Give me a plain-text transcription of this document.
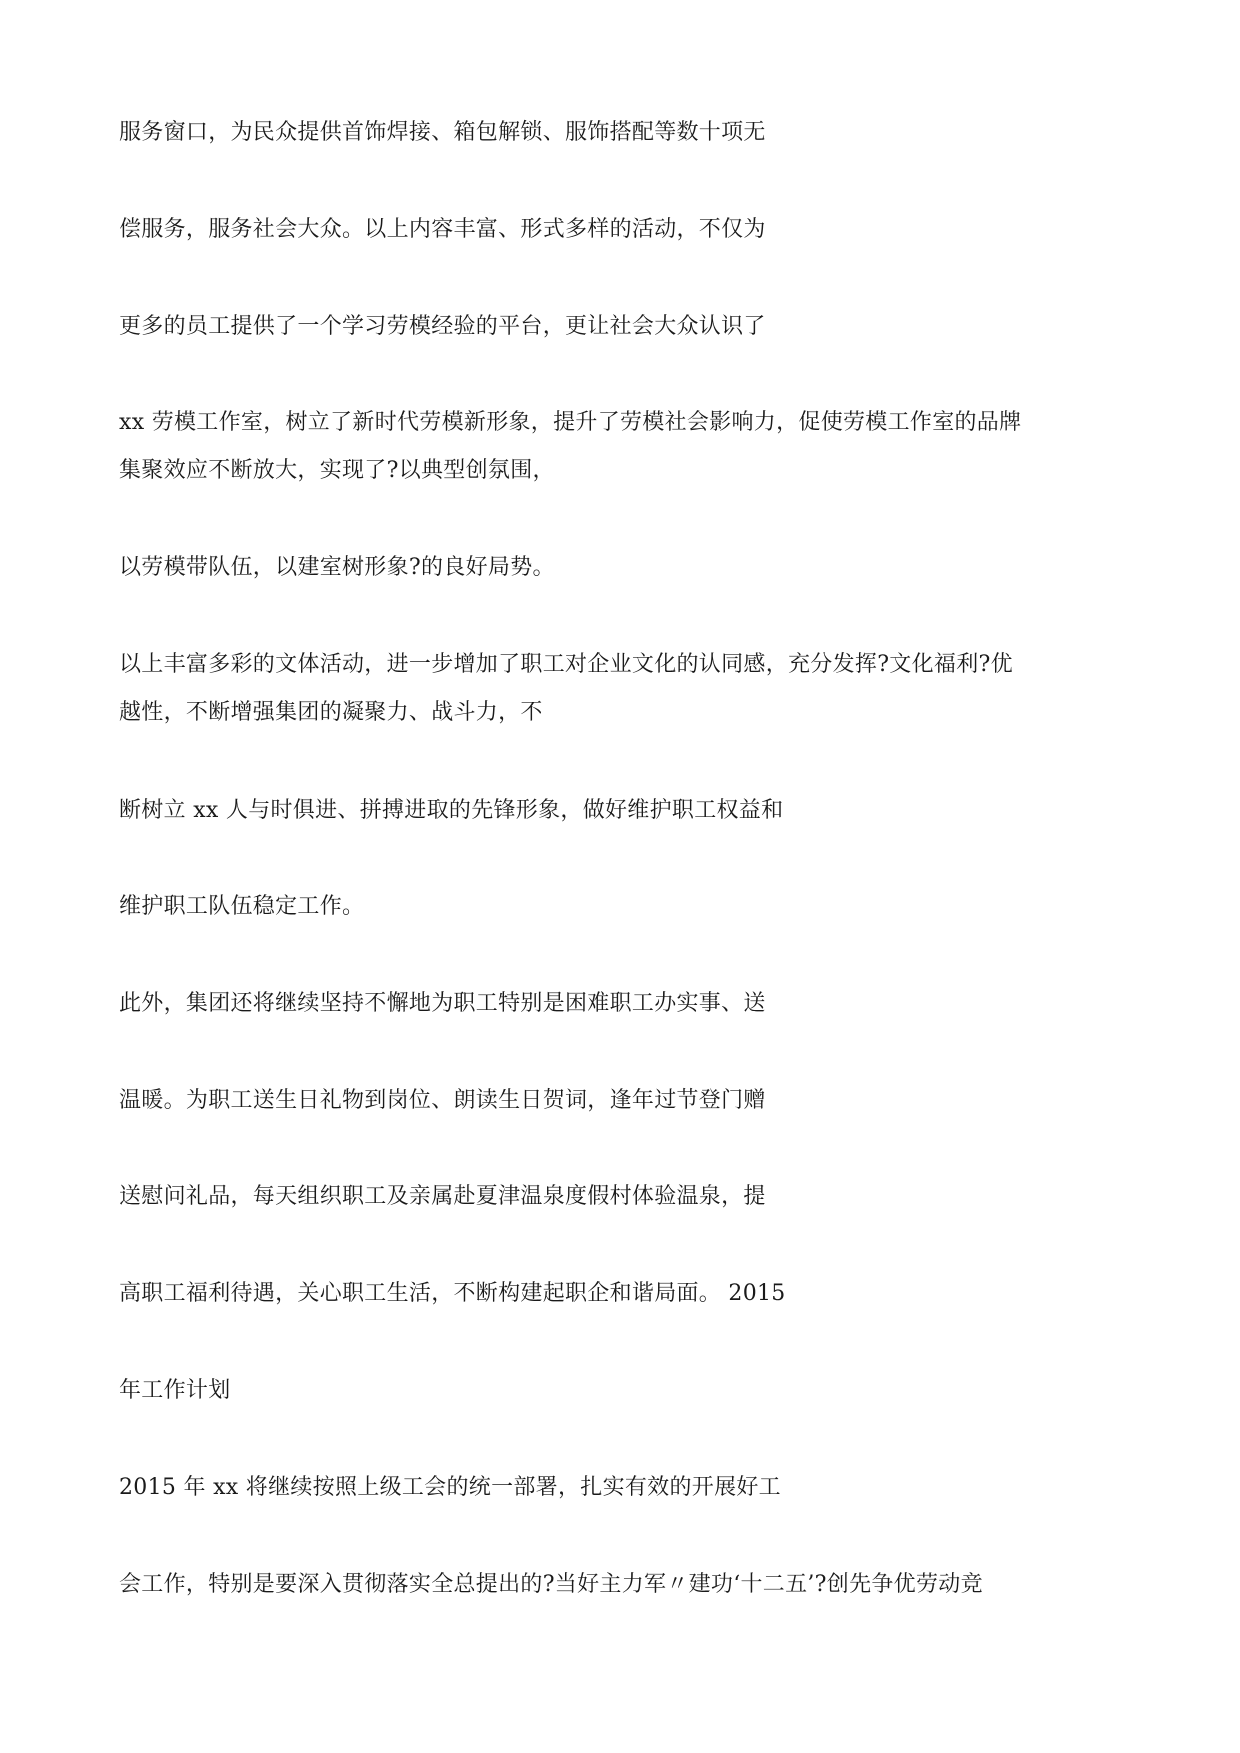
服务窗口，为民众提供首饰焊接、箱包解锁、服饰搭配等数十项无

偿服务，服务社会大众。以上内容丰富、形式多样的活动，不仅为

更多的员工提供了一个学习劳模经验的平台，更让社会大众认识了

xx 劳模工作室，树立了新时代劳模新形象，提升了劳模社会影响力，促使劳模工作室的品牌

集聚效应不断放大，实现了?以典型创氛围，

以劳模带队伍，以建室树形象?的良好局势。

以上丰富多彩的文体活动，进一步增加了职工对企业文化的认同感，充分发挥?文化福利?优

越性，不断增强集团的凝聚力、战斗力，不

断树立 xx 人与时俱进、拼搏进取的先锋形象，做好维护职工权益和

维护职工队伍稳定工作。

此外，集团还将继续坚持不懈地为职工特别是困难职工办实事、送

温暖。为职工送生日礼物到岗位、朗读生日贺词，逢年过节登门赠

送慰问礼品，每天组织职工及亲属赴夏津温泉度假村体验温泉，提

高职工福利待遇，关心职工生活，不断构建起职企和谐局面。 2015

年工作计划

2015 年 xx 将继续按照上级工会的统一部署，扎实有效的开展好工

会工作，特别是要深入贯彻落实全总提出的?当好主力军〃建功‘十二五’?创先争优劳动竞
